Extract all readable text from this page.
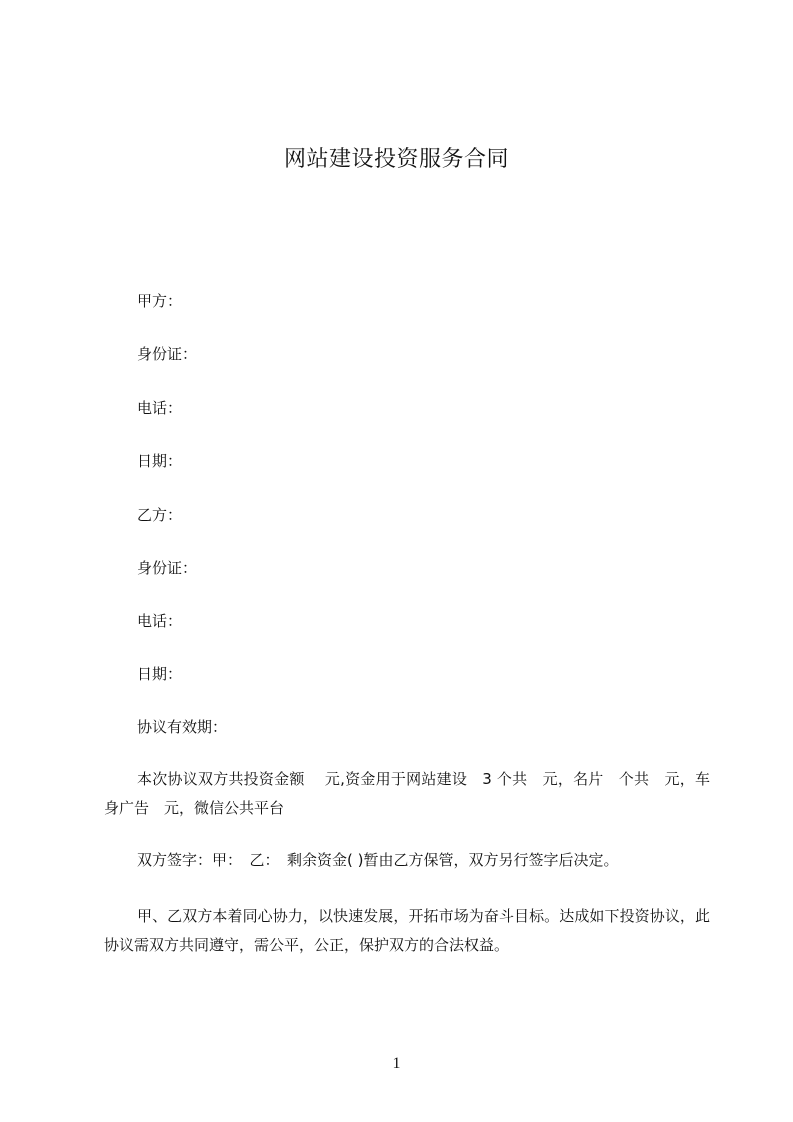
网站建设投资服务合同
甲方：
身份证：
电话：
日期：
乙方：
身份证：
电话：
日期：
协议有效期：
本次协议双方共投资金额　 元,资金用于网站建设　3 个共　元，名片　个共　元，车身广告　元，微信公共平台
双方签字：甲：　乙：　剩余资金( )暂由乙方保管，双方另行签字后决定。
甲、乙双方本着同心协力，以快速发展，开拓市场为奋斗目标。达成如下投资协议，此协议需双方共同遵守，需公平，公正，保护双方的合法权益。
1
